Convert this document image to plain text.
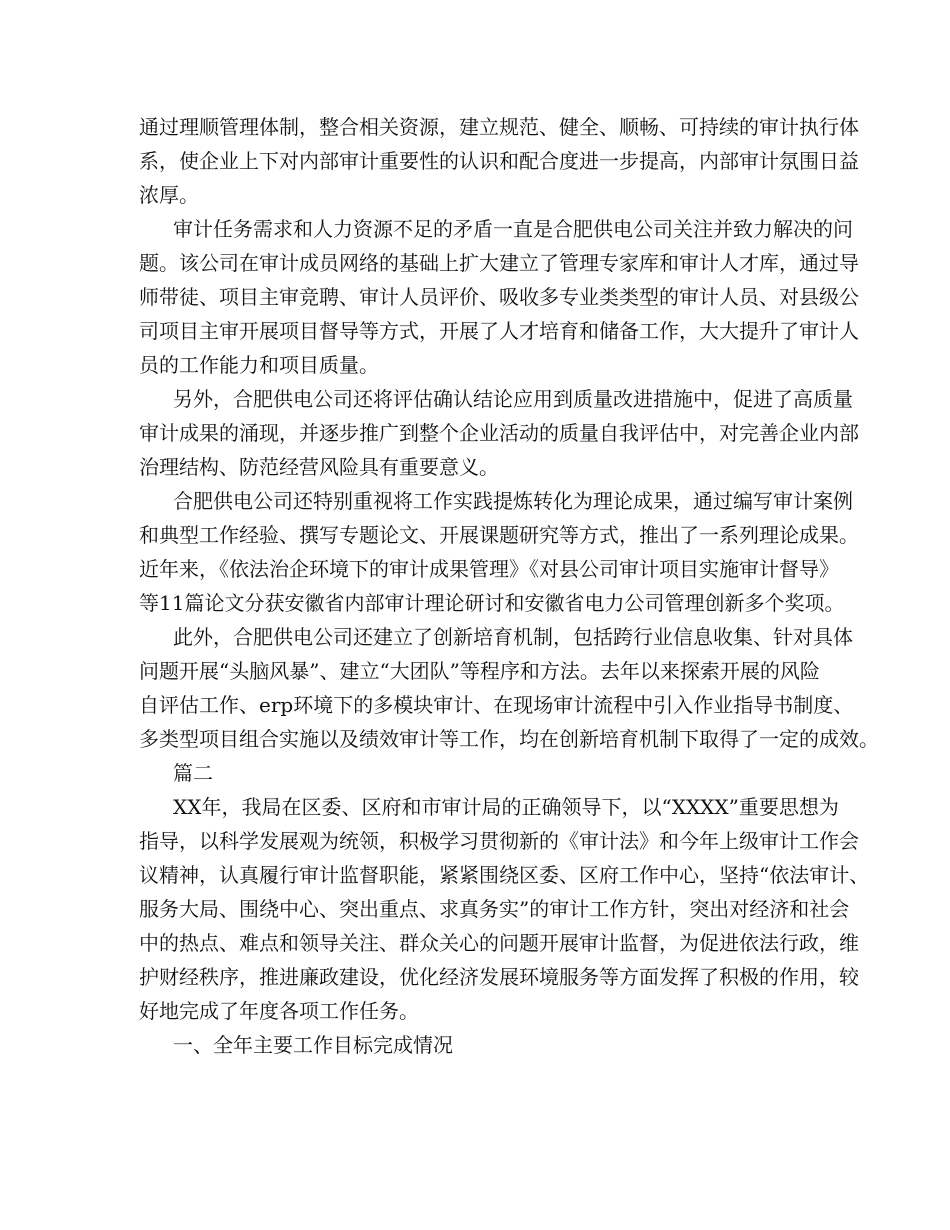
通过理顺管理体制，整合相关资源，建立规范、健全、顺畅、可持续的审计执行体
系，使企业上下对内部审计重要性的认识和配合度进一步提高，内部审计氛围日益
浓厚。
审计任务需求和人力资源不足的矛盾一直是合肥供电公司关注并致力解决的问
题。该公司在审计成员网络的基础上扩大建立了管理专家库和审计人才库，通过导
师带徒、项目主审竞聘、审计人员评价、吸收多专业类类型的审计人员、对县级公
司项目主审开展项目督导等方式，开展了人才培育和储备工作，大大提升了审计人
员的工作能力和项目质量。
另外，合肥供电公司还将评估确认结论应用到质量改进措施中，促进了高质量
审计成果的涌现，并逐步推广到整个企业活动的质量自我评估中，对完善企业内部
治理结构、防范经营风险具有重要意义。
合肥供电公司还特别重视将工作实践提炼转化为理论成果，通过编写审计案例
和典型工作经验、撰写专题论文、开展课题研究等方式，推出了一系列理论成果。
近年来，《依法治企环境下的审计成果管理》《对县公司审计项目实施审计督导》
等11篇论文分获安徽省内部审计理论研讨和安徽省电力公司管理创新多个奖项。
此外，合肥供电公司还建立了创新培育机制，包括跨行业信息收集、针对具体
问题开展“头脑风暴”、建立“大团队”等程序和方法。去年以来探索开展的风险
自评估工作、erp环境下的多模块审计、在现场审计流程中引入作业指导书制度、
多类型项目组合实施以及绩效审计等工作，均在创新培育机制下取得了一定的成效。
篇二
XX年，我局在区委、区府和市审计局的正确领导下，以“XXXX”重要思想为
指导，以科学发展观为统领，积极学习贯彻新的《审计法》和今年上级审计工作会
议精神，认真履行审计监督职能，紧紧围绕区委、区府工作中心，坚持“依法审计、
服务大局、围绕中心、突出重点、求真务实”的审计工作方针，突出对经济和社会
中的热点、难点和领导关注、群众关心的问题开展审计监督，为促进依法行政，维
护财经秩序，推进廉政建设，优化经济发展环境服务等方面发挥了积极的作用，较
好地完成了年度各项工作任务。
一、全年主要工作目标完成情况
